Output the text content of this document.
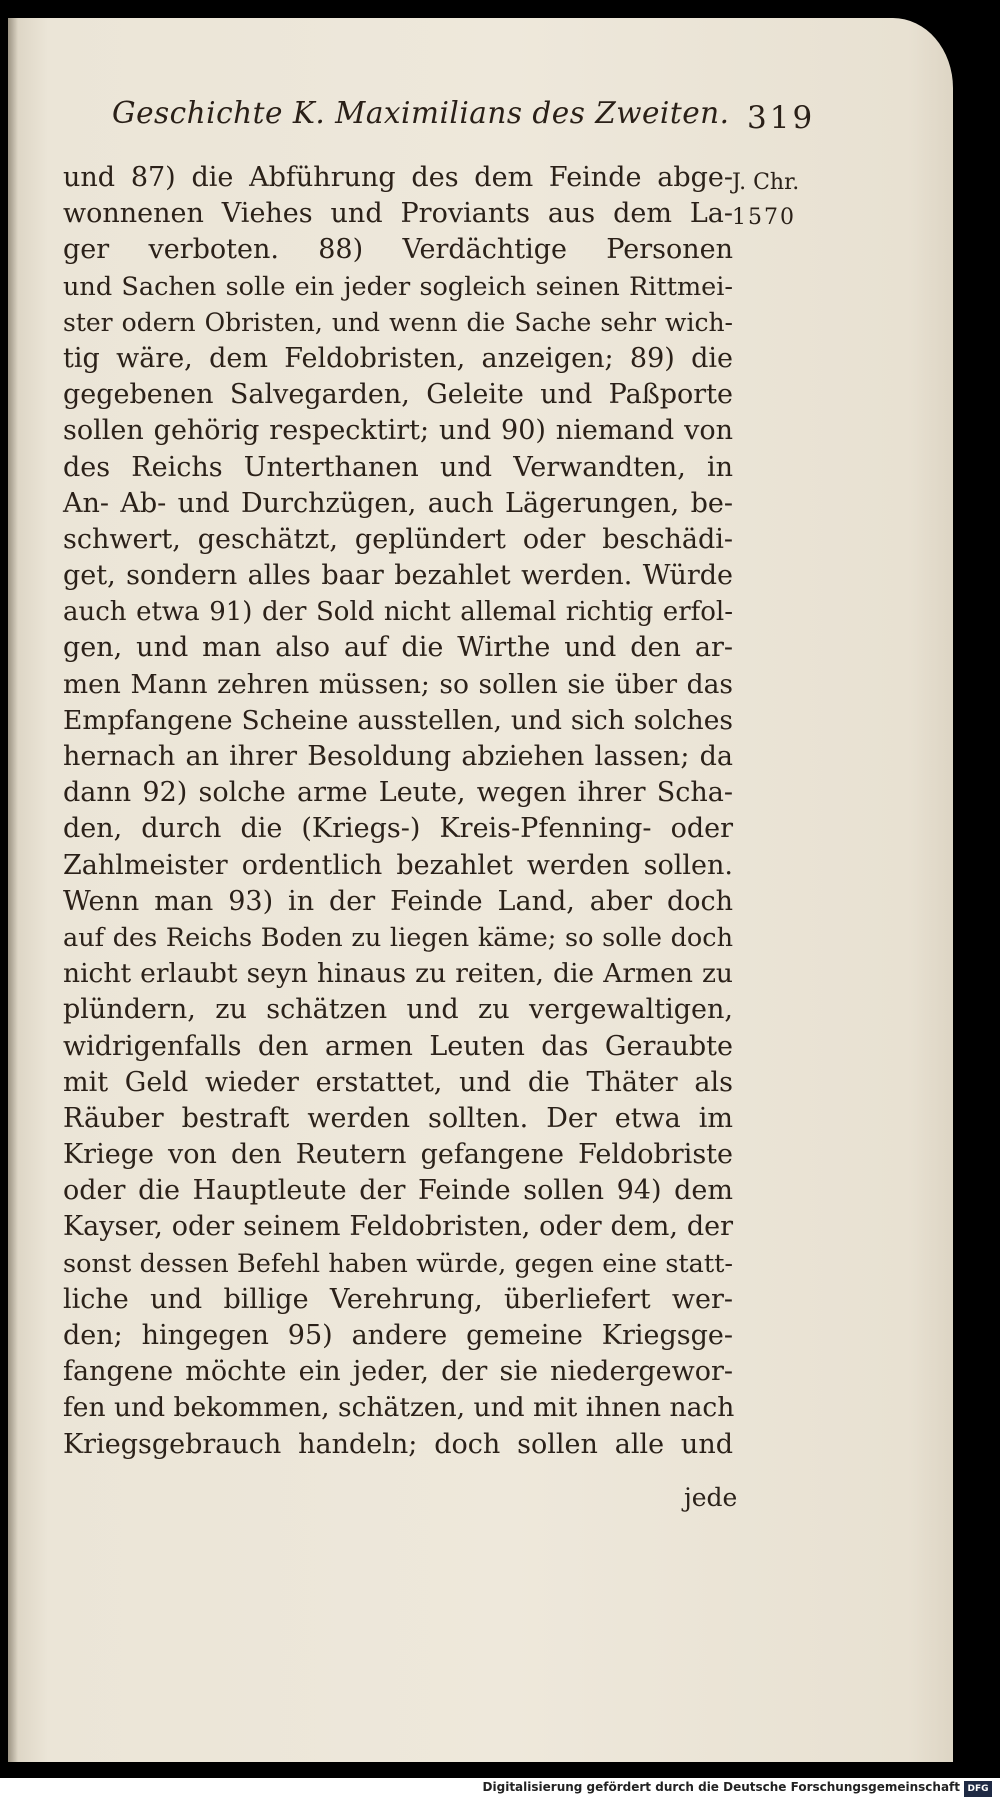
Geschichte K. Maximilians des Zweiten. 319
J. Chr.
1570
und 87) die Abführung des dem Feinde abge-
wonnenen Viehes und Proviants aus dem La-
ger verboten. 88) Verdächtige Personen
und Sachen solle ein jeder sogleich seinen Rittmei-
ster odern Obristen, und wenn die Sache sehr wich-
tig wäre, dem Feldobristen, anzeigen; 89) die
gegebenen Salvegarden, Geleite und Paßporte
sollen gehörig respecktirt; und 90) niemand von
des Reichs Unterthanen und Verwandten, in
An- Ab- und Durchzügen, auch Lägerungen, be-
schwert, geschätzt, geplündert oder beschädi-
get, sondern alles baar bezahlet werden. Würde
auch etwa 91) der Sold nicht allemal richtig erfol-
gen, und man also auf die Wirthe und den ar-
men Mann zehren müssen; so sollen sie über das
Empfangene Scheine ausstellen, und sich solches
hernach an ihrer Besoldung abziehen lassen; da
dann 92) solche arme Leute, wegen ihrer Scha-
den, durch die (Kriegs-) Kreis-Pfenning- oder
Zahlmeister ordentlich bezahlet werden sollen.
Wenn man 93) in der Feinde Land, aber doch
auf des Reichs Boden zu liegen käme; so solle doch
nicht erlaubt seyn hinaus zu reiten, die Armen zu
plündern, zu schätzen und zu vergewaltigen,
widrigenfalls den armen Leuten das Geraubte
mit Geld wieder erstattet, und die Thäter als
Räuber bestraft werden sollten. Der etwa im
Kriege von den Reutern gefangene Feldobriste
oder die Hauptleute der Feinde sollen 94) dem
Kayser, oder seinem Feldobristen, oder dem, der
sonst dessen Befehl haben würde, gegen eine statt-
liche und billige Verehrung, überliefert wer-
den; hingegen 95) andere gemeine Kriegsge-
fangene möchte ein jeder, der sie niedergewor-
fen und bekommen, schätzen, und mit ihnen nach
Kriegsgebrauch handeln; doch sollen alle und
jede
Digitalisierung gefördert durch die Deutsche Forschungsgemeinschaft DFG
